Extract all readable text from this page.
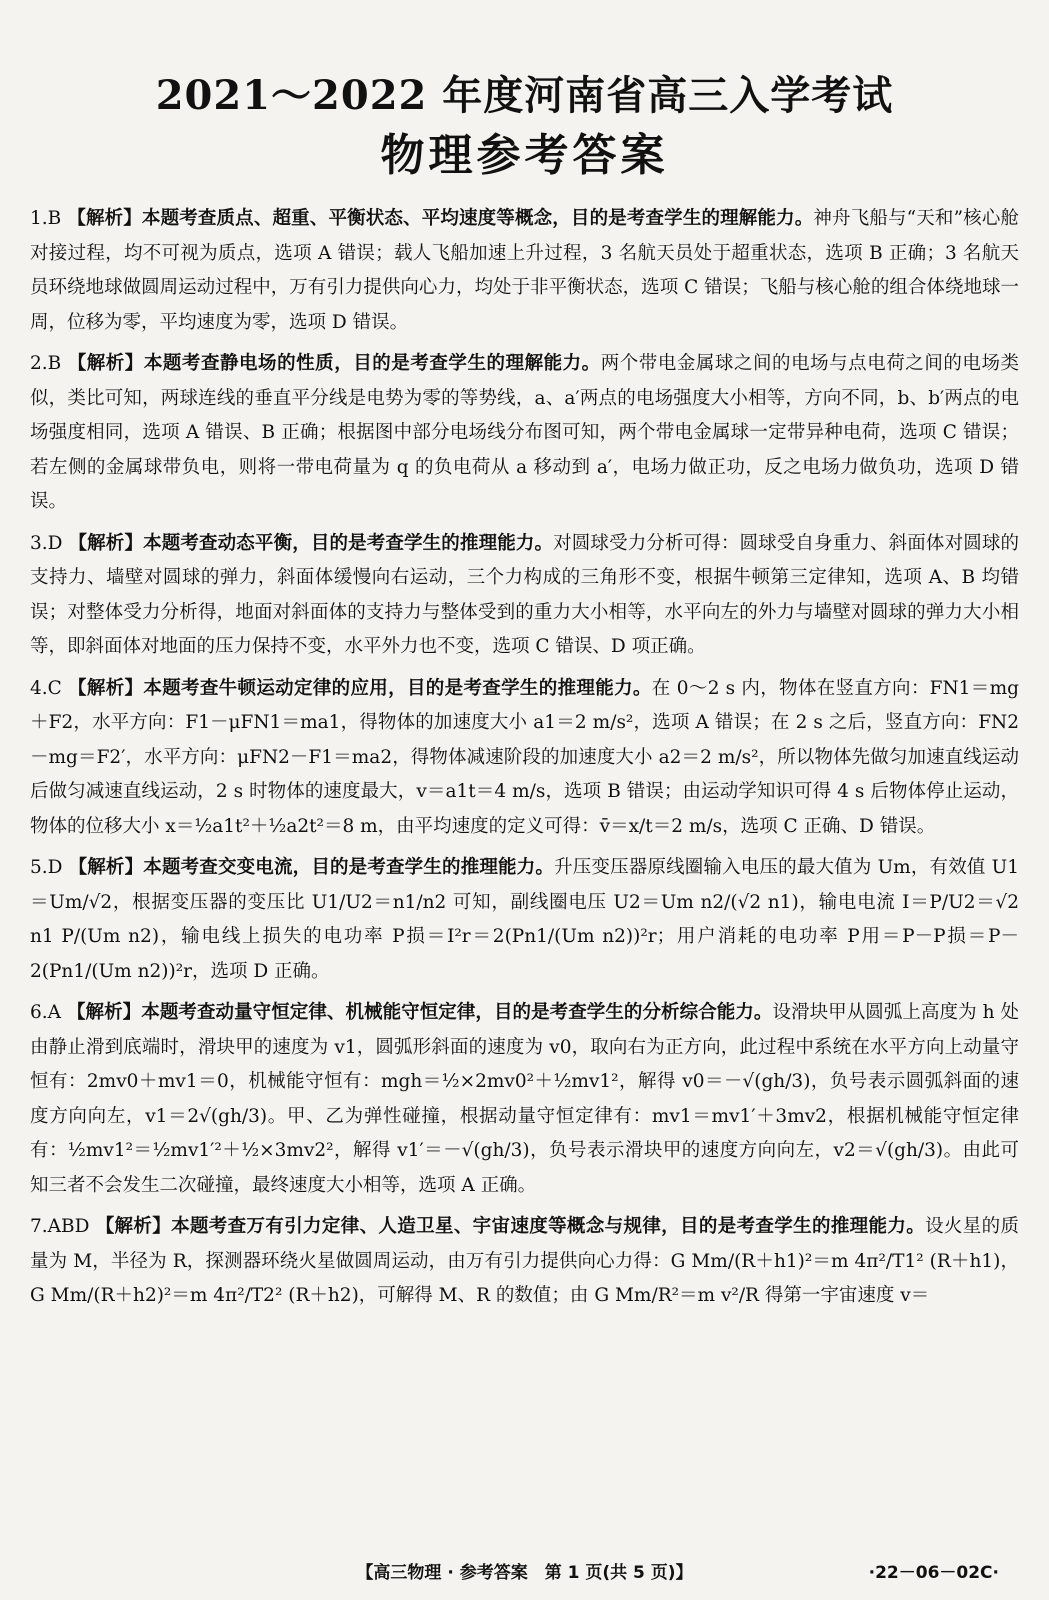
2021～2022 年度河南省高三入学考试
物理参考答案

1.B 【解析】本题考查质点、超重、平衡状态、平均速度等概念，目的是考查学生的理解能力。神舟飞船与“天和”核心舱对接过程，均不可视为质点，选项 A 错误；载人飞船加速上升过程，3 名航天员处于超重状态，选项 B 正确；3 名航天员环绕地球做圆周运动过程中，万有引力提供向心力，均处于非平衡状态，选项 C 错误；飞船与核心舱的组合体绕地球一周，位移为零，平均速度为零，选项 D 错误。

2.B 【解析】本题考查静电场的性质，目的是考查学生的理解能力。两个带电金属球之间的电场与点电荷之间的电场类似，类比可知，两球连线的垂直平分线是电势为零的等势线，a、a′两点的电场强度大小相等，方向不同，b、b′两点的电场强度相同，选项 A 错误、B 正确；根据图中部分电场线分布图可知，两个带电金属球一定带异种电荷，选项 C 错误；若左侧的金属球带负电，则将一带电荷量为 q 的负电荷从 a 移动到 a′，电场力做正功，反之电场力做负功，选项 D 错误。

3.D 【解析】本题考查动态平衡，目的是考查学生的推理能力。对圆球受力分析可得：圆球受自身重力、斜面体对圆球的支持力、墙壁对圆球的弹力，斜面体缓慢向右运动，三个力构成的三角形不变，根据牛顿第三定律知，选项 A、B 均错误；对整体受力分析得，地面对斜面体的支持力与整体受到的重力大小相等，水平向左的外力与墙壁对圆球的弹力大小相等，即斜面体对地面的压力保持不变，水平外力也不变，选项 C 错误、D 项正确。

4.C 【解析】本题考查牛顿运动定律的应用，目的是考查学生的推理能力。在 0～2 s 内，物体在竖直方向：FN1＝mg＋F2，水平方向：F1－μFN1＝ma1，得物体的加速度大小 a1＝2 m/s²，选项 A 错误；在 2 s 之后，竖直方向：FN2－mg＝F2′，水平方向：μFN2－F1＝ma2，得物体减速阶段的加速度大小 a2＝2 m/s²，所以物体先做匀加速直线运动后做匀减速直线运动，2 s 时物体的速度最大，v＝a1t＝4 m/s，选项 B 错误；由运动学知识可得 4 s 后物体停止运动，物体的位移大小 x＝½a1t²＋½a2t²＝8 m，由平均速度的定义可得：v̄＝x/t＝2 m/s，选项 C 正确、D 错误。

5.D 【解析】本题考查交变电流，目的是考查学生的推理能力。升压变压器原线圈输入电压的最大值为 Um，有效值 U1＝Um/√2，根据变压器的变压比 U1/U2＝n1/n2 可知，副线圈电压 U2＝Um n2/(√2 n1)，输电电流 I＝P/U2＝√2 n1 P/(Um n2)，输电线上损失的电功率 P损＝I²r＝2(Pn1/(Um n2))²r；用户消耗的电功率 P用＝P－P损＝P－2(Pn1/(Um n2))²r，选项 D 正确。

6.A 【解析】本题考查动量守恒定律、机械能守恒定律，目的是考查学生的分析综合能力。设滑块甲从圆弧上高度为 h 处由静止滑到底端时，滑块甲的速度为 v1，圆弧形斜面的速度为 v0，取向右为正方向，此过程中系统在水平方向上动量守恒有：2mv0＋mv1＝0，机械能守恒有：mgh＝½×2mv0²＋½mv1²，解得 v0＝－√(gh/3)，负号表示圆弧斜面的速度方向向左，v1＝2√(gh/3)。甲、乙为弹性碰撞，根据动量守恒定律有：mv1＝mv1′＋3mv2，根据机械能守恒定律有：½mv1²＝½mv1′²＋½×3mv2²，解得 v1′＝－√(gh/3)，负号表示滑块甲的速度方向向左，v2＝√(gh/3)。由此可知三者不会发生二次碰撞，最终速度大小相等，选项 A 正确。

7.ABD 【解析】本题考查万有引力定律、人造卫星、宇宙速度等概念与规律，目的是考查学生的推理能力。设火星的质量为 M，半径为 R，探测器环绕火星做圆周运动，由万有引力提供向心力得：G Mm/(R＋h1)²＝m 4π²/T1² (R＋h1)，G Mm/(R＋h2)²＝m 4π²/T2² (R＋h2)，可解得 M、R 的数值；由 G Mm/R²＝m v²/R 得第一宇宙速度 v＝

【高三物理 · 参考答案　第 1 页(共 5 页)】	·22－06－02C·
